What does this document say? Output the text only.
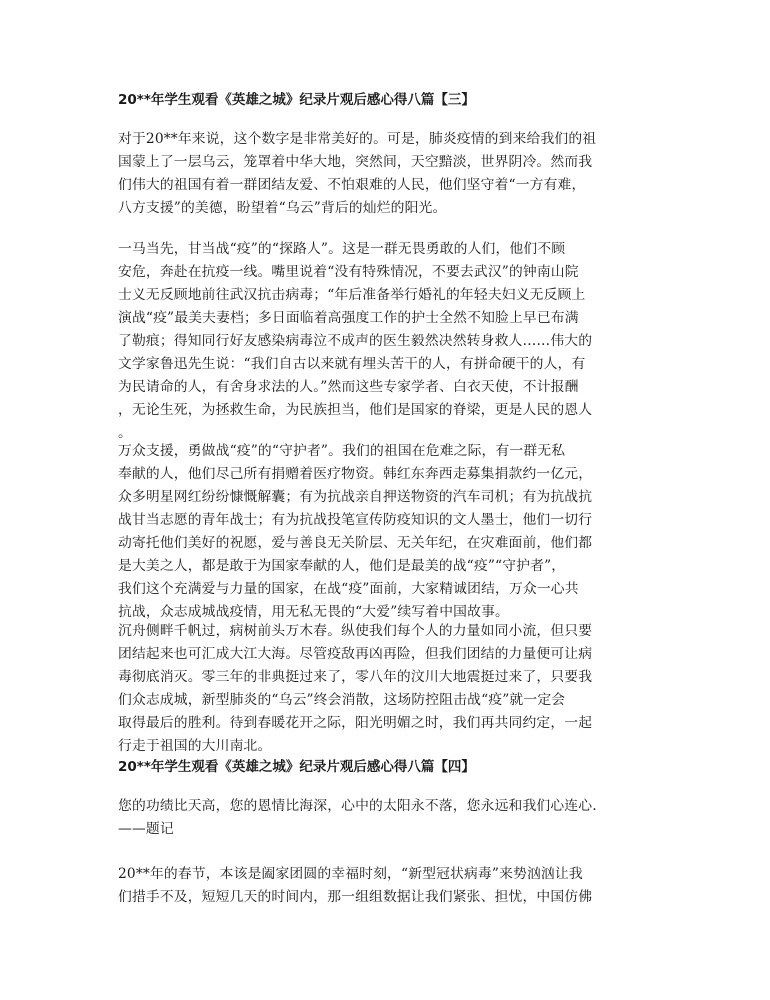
20**年学生观看《英雄之城》纪录片观后感心得八篇【三】
对于20**年来说，这个数字是非常美好的。可是，肺炎疫情的到来给我们的祖
国蒙上了一层乌云，笼罩着中华大地，突然间，天空黯淡，世界阴冷。然而我
们伟大的祖国有着一群团结友爱、不怕艰难的人民，他们坚守着“一方有难，
八方支援”的美德，盼望着“乌云”背后的灿烂的阳光。
一马当先，甘当战“疫”的“探路人”。这是一群无畏勇敢的人们，他们不顾
安危，奔赴在抗疫一线。嘴里说着“没有特殊情况，不要去武汉”的钟南山院
士义无反顾地前往武汉抗击病毒；“年后准备举行婚礼的年轻夫妇义无反顾上
演战“疫”最美夫妻档；多日面临着高强度工作的护士全然不知脸上早已布满
了勒痕；得知同行好友感染病毒泣不成声的医生毅然决然转身救人……伟大的
文学家鲁迅先生说：“我们自古以来就有埋头苦干的人，有拼命硬干的人，有
为民请命的人，有舍身求法的人。”然而这些专家学者、白衣天使，不计报酬
，无论生死，为拯救生命，为民族担当，他们是国家的脊梁，更是人民的恩人
。
万众支援，勇做战“疫”的“守护者”。我们的祖国在危难之际，有一群无私
奉献的人，他们尽己所有捐赠着医疗物资。韩红东奔西走募集捐款约一亿元，
众多明星网红纷纷慷慨解囊；有为抗战亲自押送物资的汽车司机；有为抗战抗
战甘当志愿的青年战士；有为抗战投笔宣传防疫知识的文人墨士，他们一切行
动寄托他们美好的祝愿，爱与善良无关阶层、无关年纪，在灾难面前，他们都
是大美之人，都是敢于为国家奉献的人，他们是最美的战“疫”“守护者”，
我们这个充满爱与力量的国家，在战“疫”面前，大家精诚团结，万众一心共
抗战，众志成城战疫情，用无私无畏的“大爱”续写着中国故事。
沉舟侧畔千帆过，病树前头万木春。纵使我们每个人的力量如同小流，但只要
团结起来也可汇成大江大海。尽管疫敌再凶再险，但我们团结的力量便可让病
毒彻底消灭。零三年的非典挺过来了，零八年的汶川大地震挺过来了，只要我
们众志成城，新型肺炎的“乌云”终会消散，这场防控阻击战“疫”就一定会
取得最后的胜利。待到春暖花开之际，阳光明媚之时，我们再共同约定，一起
行走于祖国的大川南北。
20**年学生观看《英雄之城》纪录片观后感心得八篇【四】
您的功绩比天高，您的恩情比海深，心中的太阳永不落，您永远和我们心连心.
——题记
20**年的春节，本该是阖家团圆的幸福时刻，“新型冠状病毒”来势汹汹让我
们措手不及，短短几天的时间内，那一组组数据让我们紧张、担忧，中国仿佛
